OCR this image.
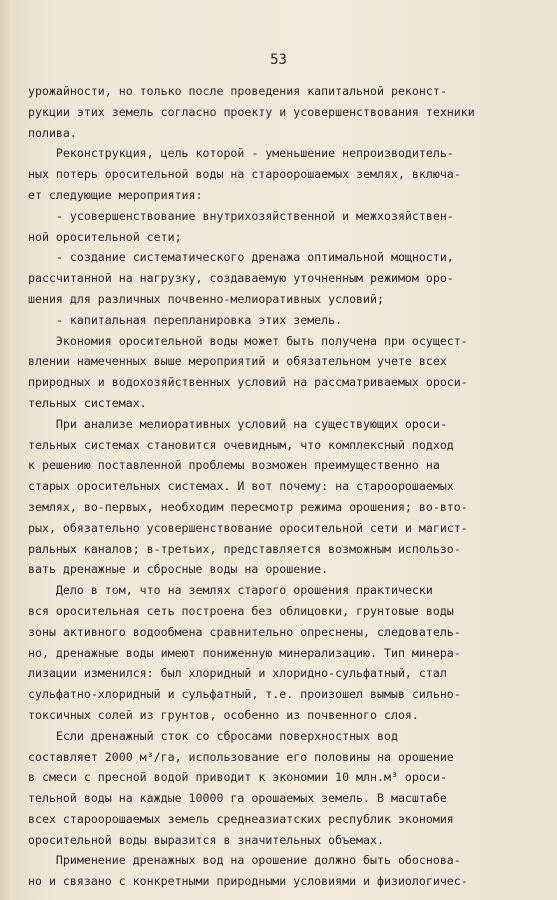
53
урожайности, но только после проведения капитальной реконст-
рукции этих земель согласно проекту и усовершенствования техники
полива.
Реконструкция, цель которой - уменьшение непроизводитель-
ных потерь оросительной воды на староорошаемых землях, включа-
ет следующие мероприятия:
- усовершенствование внутрихозяйственной и межхозяйствен-
ной оросительной сети;
- создание систематического дренажа оптимальной мощности,
рассчитанной на нагрузку, создаваемую уточненным режимом оро-
шения для различных почвенно-мелиоративных условий;
- капитальная перепланировка этих земель.
Экономия оросительной воды может быть получена при осущест-
влении намеченных выше мероприятий и обязательном учете всех
природных и водохозяйственных условий на рассматриваемых ороси-
тельных системах.
При анализе мелиоративных условий на существующих ороси-
тельных системах становится очевидным, что комплексный подход
к решению поставленной проблемы возможен преимущественно на
старых оросительных системах. И вот почему: на староорошаемых
землях, во-первых, необходим пересмотр режима орошения; во-вто-
рых, обязательно усовершенствование оросительной сети и магист-
ральных каналов; в-третьих, представляется возможным использо-
вать дренажные и сбросные воды на орошение.
Дело в том, что на землях старого орошения практически
вся оросительная сеть построена без облицовки, грунтовые воды
зоны активного водообмена сравнительно опреснены, следователь-
но, дренажные воды имеют пониженную минерализацию. Тип минера-
лизации изменился: был хлоридный и хлоридно-сульфатный, стал
сульфатно-хлоридный и сульфатный, т.е. произошел вымыв сильно-
токсичных солей из грунтов, особенно из почвенного слоя.
Если дренажный сток со сбросами поверхностных вод
составляет 2000 м³/га, использование его половины на орошение
в смеси с пресной водой приводит к экономии 10 млн.м³ ороси-
тельной воды на каждые 10000 га орошаемых земель. В масштабе
всех староорошаемых земель среднеазиатских республик экономия
оросительной воды выразится в значительных объемах.
Применение дренажных вод на орошение должно быть обоснова-
но и связано с конкретными природными условиями и физиологичес-
